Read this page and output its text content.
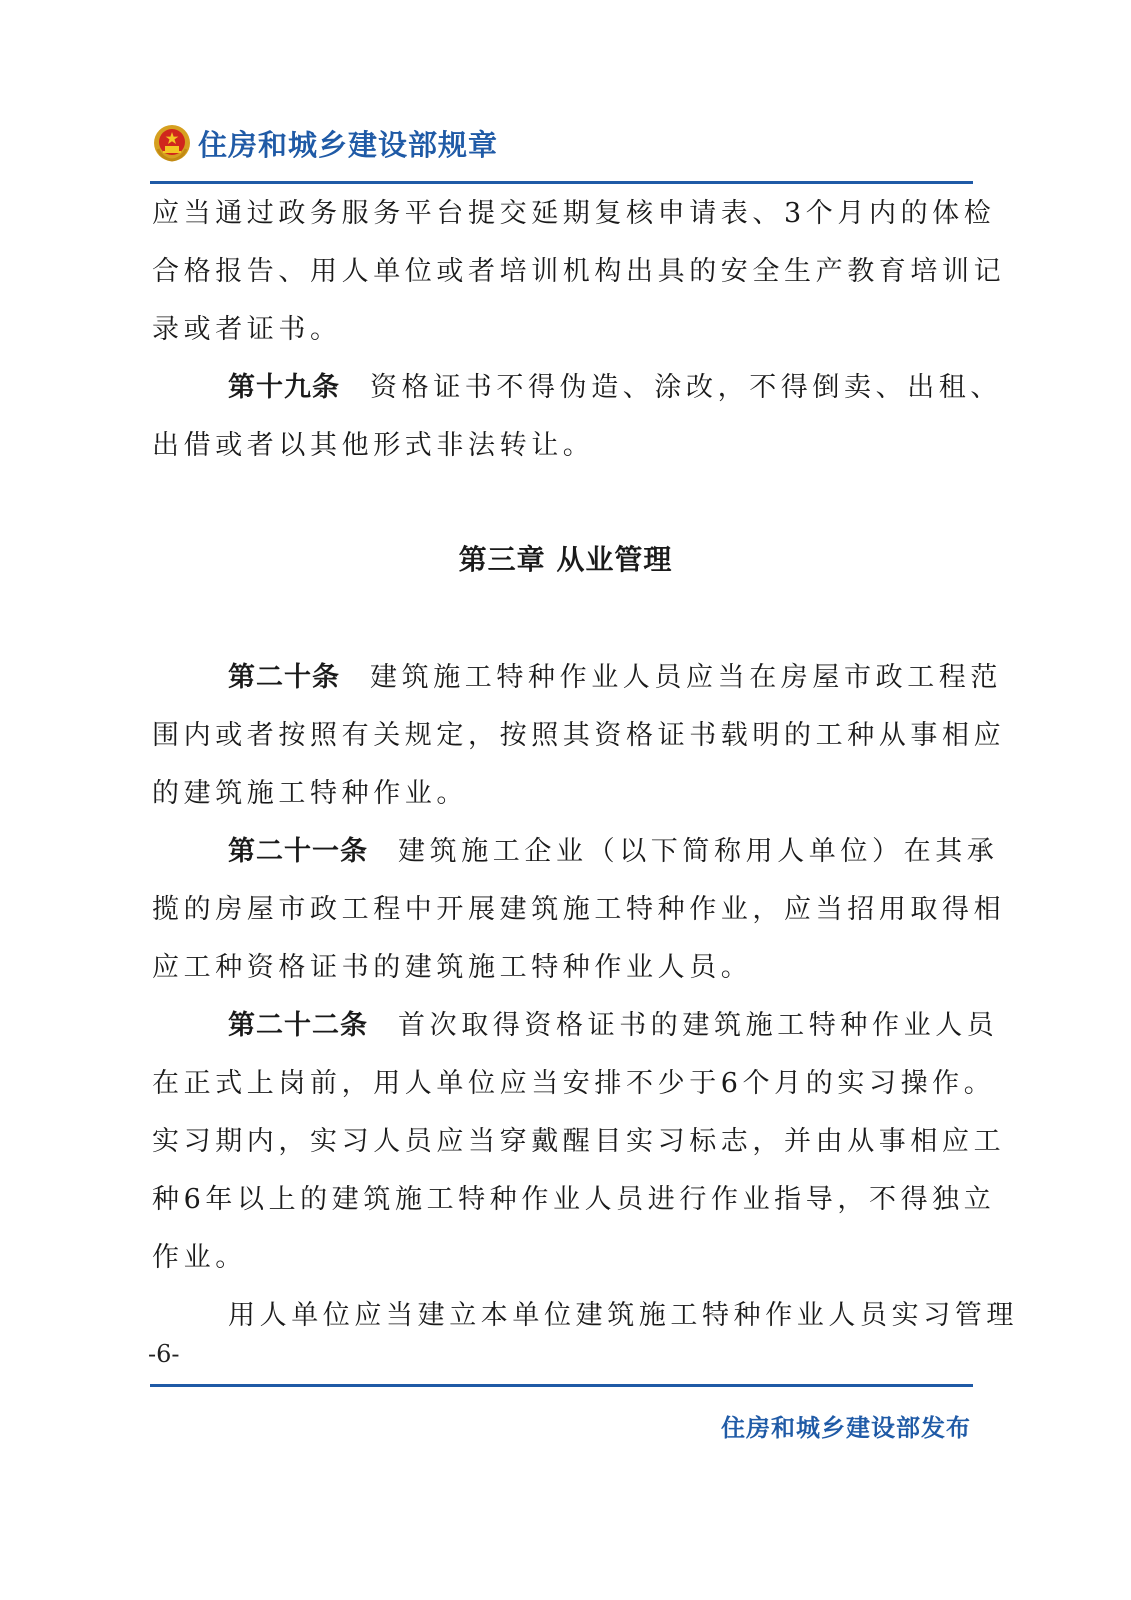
住房和城乡建设部规章
应当通过政务服务平台提交延期复核申请表、3个月内的体检
合格报告、用人单位或者培训机构出具的安全生产教育培训记
录或者证书。
第十九条 资格证书不得伪造、涂改，不得倒卖、出租、
出借或者以其他形式非法转让。
第三章 从业管理
第二十条 建筑施工特种作业人员应当在房屋市政工程范
围内或者按照有关规定，按照其资格证书载明的工种从事相应
的建筑施工特种作业。
第二十一条 建筑施工企业（以下简称用人单位）在其承
揽的房屋市政工程中开展建筑施工特种作业，应当招用取得相
应工种资格证书的建筑施工特种作业人员。
第二十二条 首次取得资格证书的建筑施工特种作业人员
在正式上岗前，用人单位应当安排不少于6个月的实习操作。
实习期内，实习人员应当穿戴醒目实习标志，并由从事相应工
种6年以上的建筑施工特种作业人员进行作业指导，不得独立
作业。
用人单位应当建立本单位建筑施工特种作业人员实习管理
-6-
住房和城乡建设部发布
